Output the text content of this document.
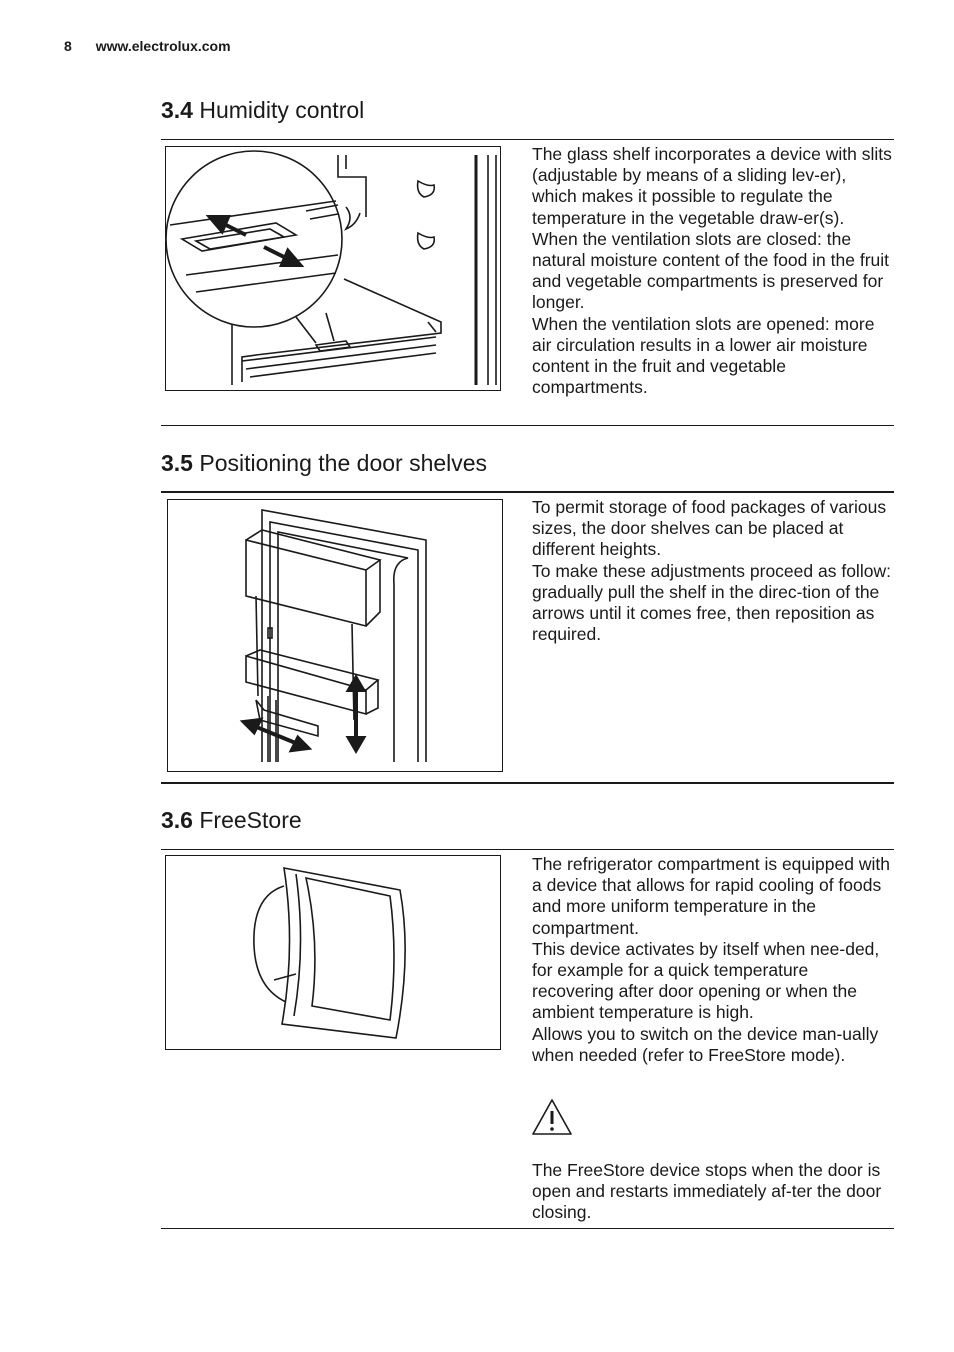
8 www.electrolux.com
3.4 Humidity control

The glass shelf incorporates a device with slits (adjustable by means of a sliding lev-er), which makes it possible to regulate the temperature in the vegetable draw-er(s).

When the ventilation slots are closed: the natural moisture content of the food in the fruit and vegetable compartments is preserved for longer.

When the ventilation slots are opened: more air circulation results in a lower air moisture content in the fruit and vegetable compartments.

3.5 Positioning the door shelves

To permit storage of food packages of various sizes, the door shelves can be placed at different heights.

To make these adjustments proceed as follow: gradually pull the shelf in the direc-tion of the arrows until it comes free, then reposition as required.

3.6 FreeStore

The refrigerator compartment is equipped with a device that allows for rapid cooling of foods and more uniform temperature in the compartment.

This device activates by itself when nee-ded, for example for a quick temperature recovering after door opening or when the ambient temperature is high.

Allows you to switch on the device man-ually when needed (refer to FreeStore mode).

The FreeStore device stops when the door is open and restarts immediately af-ter the door closing.
